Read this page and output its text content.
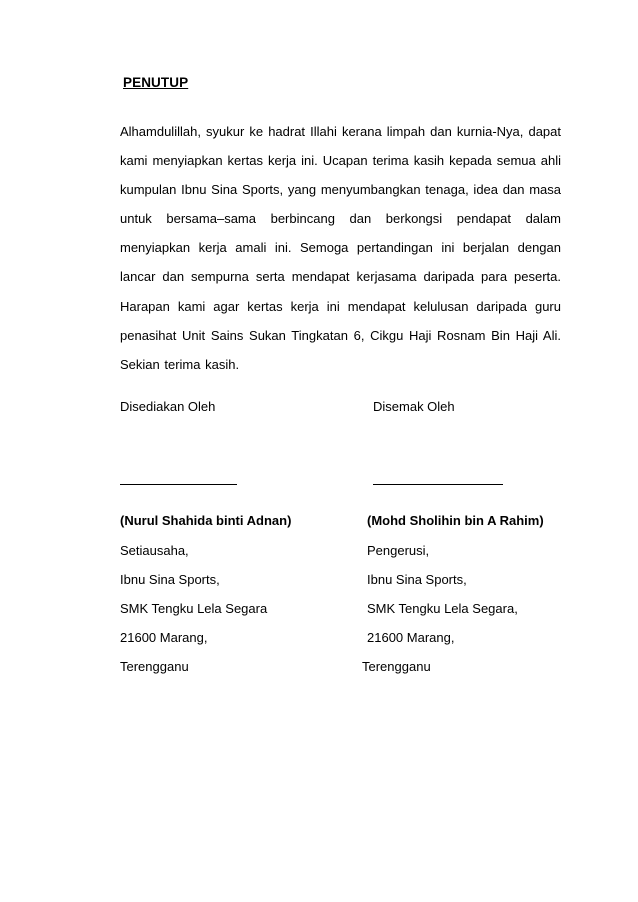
PENUTUP

Alhamdulillah, syukur ke hadrat Illahi kerana limpah dan kurnia-Nya, dapat kami menyiapkan kertas kerja ini. Ucapan terima kasih kepada semua ahli kumpulan Ibnu Sina Sports, yang menyumbangkan tenaga, idea dan masa untuk bersama–sama berbincang dan berkongsi pendapat dalam menyiapkan kerja amali ini. Semoga pertandingan ini berjalan dengan lancar dan sempurna serta mendapat kerjasama daripada para peserta. Harapan kami agar kertas kerja ini mendapat kelulusan daripada guru penasihat Unit Sains Sukan Tingkatan 6, Cikgu Haji Rosnam Bin Haji Ali. Sekian terima kasih.

Disediakan Oleh
(Nurul Shahida binti Adnan)
Setiausaha,
Ibnu Sina Sports,
SMK Tengku Lela Segara
21600 Marang,
Terengganu
Disemak Oleh
(Mohd Sholihin bin A Rahim)
Pengerusi,
Ibnu Sina Sports,
SMK Tengku Lela Segara,
21600 Marang,
Terengganu
